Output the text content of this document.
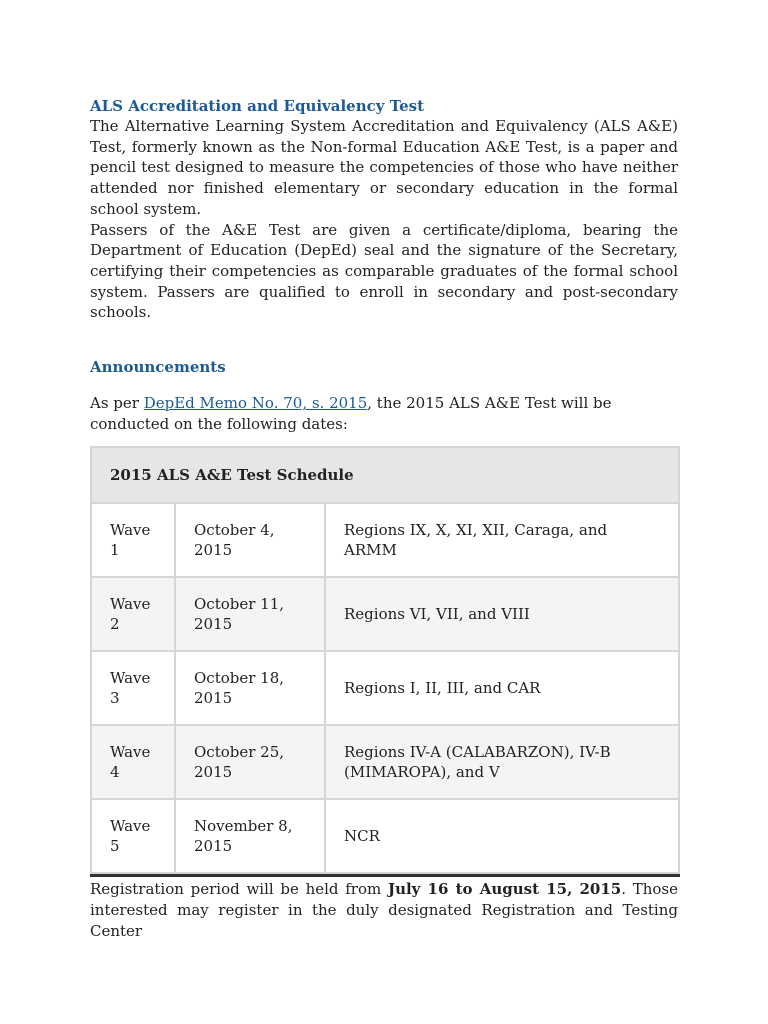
ALS Accreditation and Equivalency Test

The Alternative Learning System Accreditation and Equivalency (ALS A&E) Test, formerly known as the Non-formal Education A&E Test, is a paper and pencil test designed to measure the competencies of those who have neither attended nor finished elementary or secondary education in the formal school system.

Passers of the A&E Test are given a certificate/diploma, bearing the Department of Education (DepEd) seal and the signature of the Secretary, certifying their competencies as comparable graduates of the formal school system. Passers are qualified to enroll in secondary and post-secondary schools.

Announcements

As per DepEd Memo No. 70, s. 2015, the 2015 ALS A&E Test will be conducted on the following dates:

2015 ALS A&E Test Schedule		
Wave 1	October 4, 2015	Regions IX, X, XI, XII, Caraga, and ARMM
Wave 2	October 11, 2015	Regions VI, VII, and VIII
Wave 3	October 18, 2015	Regions I, II, III, and CAR
Wave 4	October 25, 2015	Regions IV-A (CALABARZON), IV-B (MIMAROPA), and V
Wave 5	November 8, 2015	NCR

Registration period will be held from July 16 to August 15, 2015. Those interested may register in the duly designated Registration and Testing Center
